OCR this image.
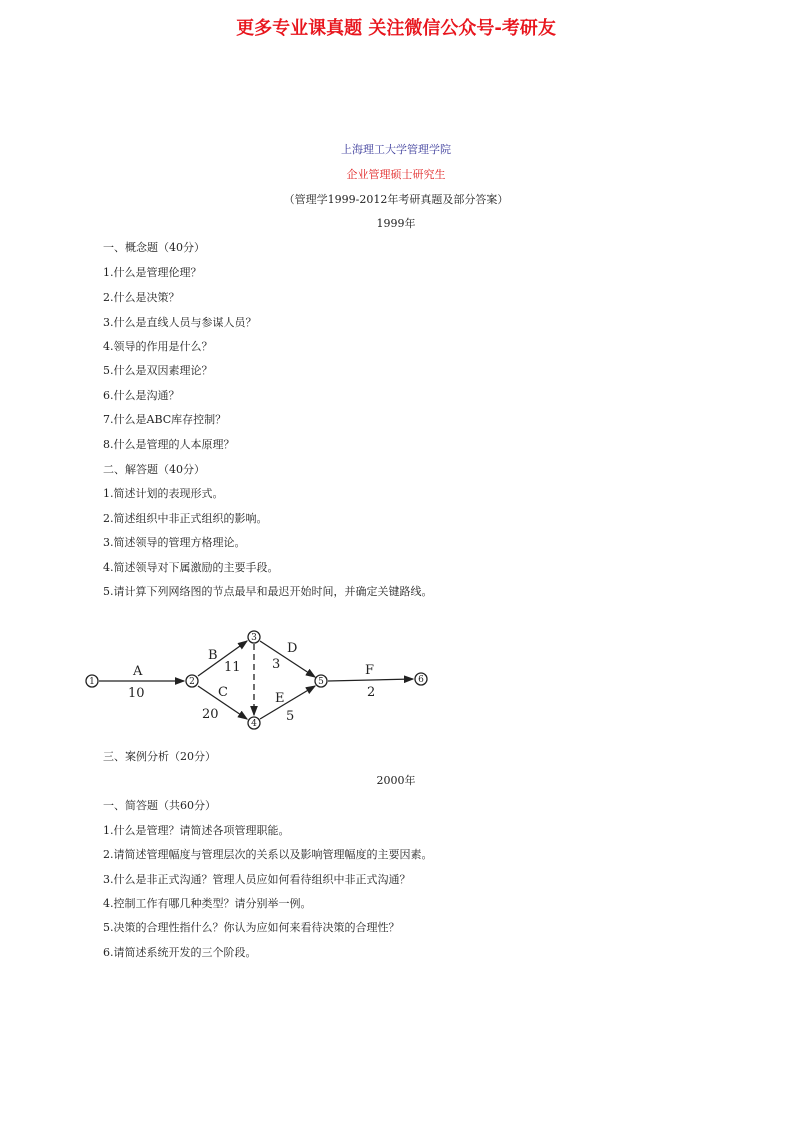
更多专业课真题 关注微信公众号-考研友
上海理工大学管理学院
企业管理硕士研究生
（管理学1999-2012年考研真题及部分答案）
1999年
一、概念题（40分）
1.什么是管理伦理？
2.什么是决策？
3.什么是直线人员与参谋人员？
4.领导的作用是什么？
5.什么是双因素理论？
6.什么是沟通？
7.什么是ABC库存控制？
8.什么是管理的人本原理？
二、解答题（40分）
1.简述计划的表现形式。
2.简述组织中非正式组织的影响。
3.简述领导的管理方格理论。
4.简述领导对下属激励的主要手段。
5.请计算下列网络图的节点最早和最迟开始时间，并确定关键路线。
1	2
3
4
5	6
A
10
B
11
C
20
D
3
E
5
F
2
三、案例分析（20分）
2000年
一、简答题（共60分）
1.什么是管理？请简述各项管理职能。
2.请简述管理幅度与管理层次的关系以及影响管理幅度的主要因素。
3.什么是非正式沟通？管理人员应如何看待组织中非正式沟通？
4.控制工作有哪几种类型？请分别举一例。
5.决策的合理性指什么？你认为应如何来看待决策的合理性？
6.请简述系统开发的三个阶段。
